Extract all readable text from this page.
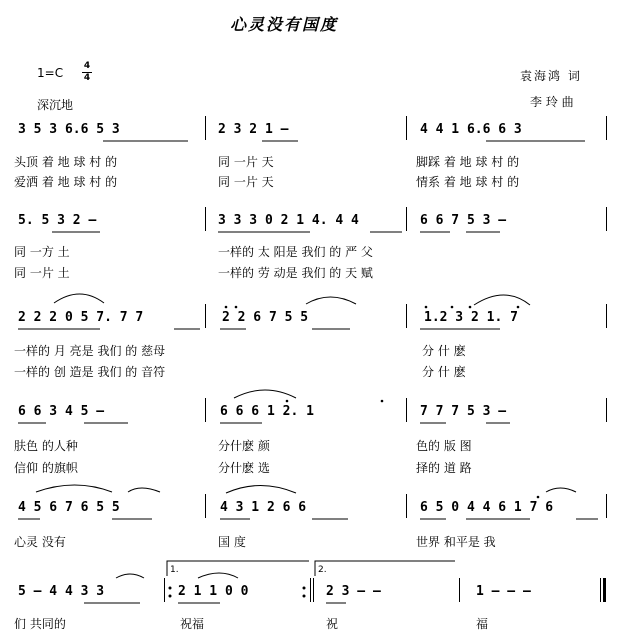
心灵没有国度
1=C 4
4
深沉地
袁海鸿 词
李 玲 曲
3 5 3 6.6 5 3	2 3 2 1 –	4 4 1 6.6 6 3
头顶 着 地 球 村 的	同 一片 天	脚踩 着 地 球 村 的
爱洒 着 地 球 村 的	同 一片 天	情系 着 地 球 村 的
5. 5 3 2 –	3 3 3 0 2 1 4. 4 4	6 6 7 5 3 –
同 一方 土	一样的 太 阳是 我们 的 严 父
同 一片 土	一样的 劳 动是 我们 的 天 赋
2 2 2 0 5 7. 7 7	2 2 6 7 5 5	1.2 3 2 1. 7
一样的 月 亮是 我们 的 慈母	分 什 麽
一样的 创 造是 我们 的 音符	分 什 麽
6 6 3 4 5 –	6 6 6 1 2. 1	7 7 7 5 3 –
肤色 的人种	分什麽 颜	色的 版 图
信仰 的旗帜	分什麽 选	择的 道 路
4 5 6 7 6 5 5	4 3 1 2 6 6	6 5 0 4 4 6 1 7 6
心灵 没有	国 度	世界 和平是 我
5 – 4 4 3 3	2 1 1 0 0	2 3 – –	1 – – –
们 共同的	祝福	祝	福
1.	2.
